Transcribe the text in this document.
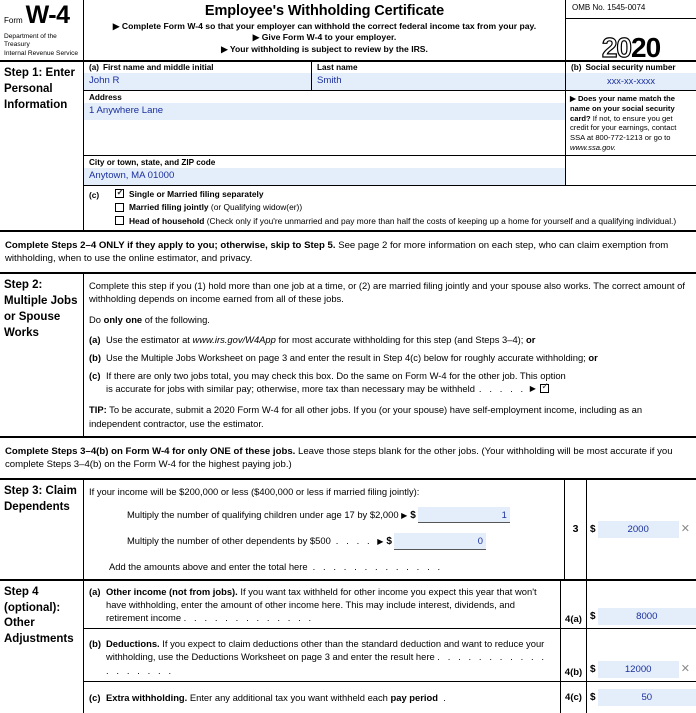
Form W-4
Department of the Treasury
Internal Revenue Service
Employee's Withholding Certificate
▶ Complete Form W-4 so that your employer can withhold the correct federal income tax from your pay.
▶ Give Form W-4 to your employer.
▶ Your withholding is subject to review by the IRS.
OMB No. 1545-0074
20 20
Step 1: Enter Personal Information
(a) First name and middle initial
John R
Last name
Smith
(b) Social security number
xxx-xx-xxxx
Address
1 Anywhere Lane
▶ Does your name match the name on your social security card? If not, to ensure you get credit for your earnings, contact SSA at 800-772-1213 or go to www.ssa.gov.
City or town, state, and ZIP code
Anytown, MA 01000
(c) ✓	Single or Married filing separately
Married filing jointly (or Qualifying widow(er))
Head of household (Check only if you're unmarried and pay more than half the costs of keeping up a home for yourself and a qualifying individual.)
Complete Steps 2–4 ONLY if they apply to you; otherwise, skip to Step 5. See page 2 for more information on each step, who can claim exemption from withholding, when to use the online estimator, and privacy.
Step 2: Multiple Jobs or Spouse Works

Complete this step if you (1) hold more than one job at a time, or (2) are married filing jointly and your spouse also works. The correct amount of withholding depends on income earned from all of these jobs.

Do only one of the following.

(a) Use the estimator at www.irs.gov/W4App for most accurate withholding for this step (and Steps 3–4); or
(b) Use the Multiple Jobs Worksheet on page 3 and enter the result in Step 4(c) below for roughly accurate withholding; or
(c) If there are only two jobs total, you may check this box. Do the same on Form W-4 for the other job. This option
is accurate for jobs with similar pay; otherwise, more tax than necessary may be withheld . . . . . ▶
✓

TIP: To be accurate, submit a 2020 Form W-4 for all other jobs. If you (or your spouse) have self-employment income, including as an independent contractor, use the estimator.

Complete Steps 3–4(b) on Form W-4 for only ONE of these jobs. Leave those steps blank for the other jobs. (Your withholding will be most accurate if you complete Steps 3–4(b) on the Form W-4 for the highest paying job.)
Step 3: Claim Dependents
If your income will be $200,000 or less ($400,000 or less if married filing jointly):
Multiply the number of qualifying children under age 17 by $2,000
▶ $	1
Multiply the number of other dependents by $500 . . . . ▶ $	0
Add the amounts above and enter the total here . . . . . . . . . . . . .
3	$	2000	✕
Step 4 (optional): Other Adjustments
(a) Other income (not from jobs). If you want tax withheld for other income you expect this year that won't have withholding, enter the amount of other income here. This may include interest, dividends, and retirement income . . . . . . . . . . . . .	4(a) $	8000
(b) Deductions. If you expect to claim deductions other than the standard deduction and want to reduce your withholding, use the Deductions Worksheet on page 3 and enter the result here . . . . . . . . . . . . . . . . . .	4(b) $	12000	✕
(c) Extra withholding. Enter any additional tax you want withheld each pay period .	4(c) $	50
